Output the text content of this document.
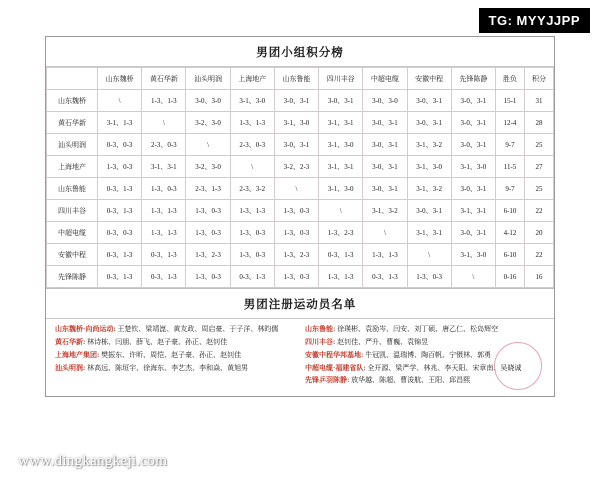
TG: MYYJJPP
男团小组积分榜
	山东魏桥	黄石华新	汕头明润	上海地产	山东鲁能	四川丰谷	中超电缆	安徽中程	先锋陈静	胜负	积分
山东魏桥	\	1-3、1-3	3-0、3-0	3-1、3-0	3-0、3-1	3-0、3-1	3-0、3-0	3-0、3-1	3-0、3-1	15-1	31
黄石华新	3-1、1-3	\	3-2、3-0	1-3、1-3	3-1、3-0	3-1、3-1	3-0、3-1	3-0、3-1	3-0、3-1	12-4	28
汕头明润	0-3、0-3	2-3、0-3	\	2-3、0-3	3-0、3-1	3-1、3-0	3-0、3-1	3-1、3-2	3-0、3-1	9-7	25
上海地产	1-3、0-3	3-1、3-1	3-2、3-0	\	3-2、2-3	3-1、3-1	3-0、3-1	3-1、3-0	3-1、3-0	11-5	27
山东鲁能	0-3、1-3	1-3、0-3	2-3、1-3	2-3、3-2	\	3-1、3-0	3-0、3-1	3-1、3-2	3-0、3-1	9-7	25
四川丰谷	0-3、1-3	1-3、1-3	1-3、0-3	1-3、1-3	1-3、0-3	\	3-1、3-2	3-0、3-1	3-1、3-1	6-10	22
中超电缆	0-3、0-3	1-3、1-3	1-3、0-3	1-3、0-3	1-3、0-3	1-3、2-3	\	3-1、3-1	3-0、3-1	4-12	20
安徽中程	0-3、1-3	0-3、1-3	1-3、2-3	1-3、0-3	1-3、2-3	0-3、1-3	1-3、1-3	\	3-1、3-0	6-10	22
先锋陈静	0-3、1-3	0-3、1-3	1-3、0-3	0-3、1-3	1-3、0-3	1-3、1-3	0-3、1-3	1-3、0-3	\	0-16	16
男团注册运动员名单
山东魏桥·向尚运动: 王楚钦、梁靖崑、黄友政、周启豪、于子洋、林昀儒
黄石华新: 林诗栋、闫朋、薛飞、赵子豪、孙正、赵钊佳
上海地产集团: 樊振东、许昕、周恺、赵子豪、孙正、赵钊佳
汕头明润: 林高远、陈垣宇、徐海东、李艺杰、李和焱、黄旭男
山东鲁能: 徐瑛彬、袁励岑、闫安、刘丁硕、唐乙仁、松岛辉空
四川丰谷: 赵钊佳、严升、曹巍、袁锦昱
安徽中程华邦基地: 牛冠凯、温瑞博、陶百帆、宁慑林、郭勇
中超电缆·福建省队: 全开源、梁严学、林兆、李天阳、宋章南、吴晓诚
先锋乒羽陈静: 放华越、陈超、曹浚航、王阳、邱昌熙
www.dingkangkeji.com
